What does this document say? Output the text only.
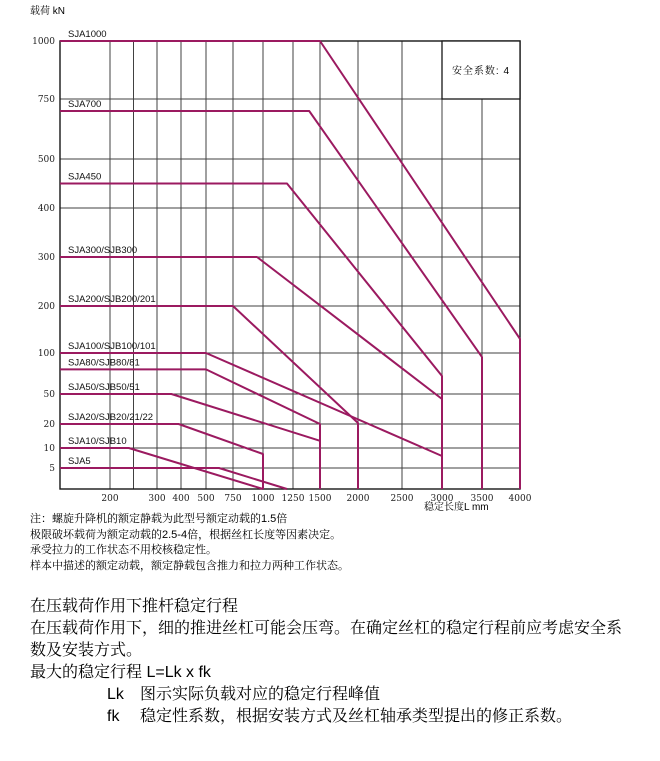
安全系数: 4
SJA1000
SJA700
SJA450
SJA300/SJB300
SJA200/SJB200/201
SJA100/SJB100/101
SJA80/SJB80/81
SJA50/SJB50/51
SJA20/SJB20/21/22
SJA10/SJB10
SJA5
1000
750
500
400
300
200
100
50
20
10
5
200	300 400 500 750 1000 1250 1500 2000 2500 3000 3500 4000
载荷 kN
稳定长度L mm
注：螺旋升降机的额定静载为此型号额定动载的1.5倍
极限破坏载荷为额定动载的2.5-4倍，根据丝杠长度等因素决定。
承受拉力的工作状态不用校核稳定性。
样本中描述的额定动载，额定静载包含推力和拉力两种工作状态。
在压载荷作用下推杆稳定行程
在压载荷作用下，细的推进丝杠可能会压弯。在确定丝杠的稳定行程前应考虑安全系
数及安装方式。
最大的稳定行程 L=Lk x fk
Lk 图示实际负载对应的稳定行程峰值
fk 稳定性系数，根据安装方式及丝杠轴承类型提出的修正系数。
